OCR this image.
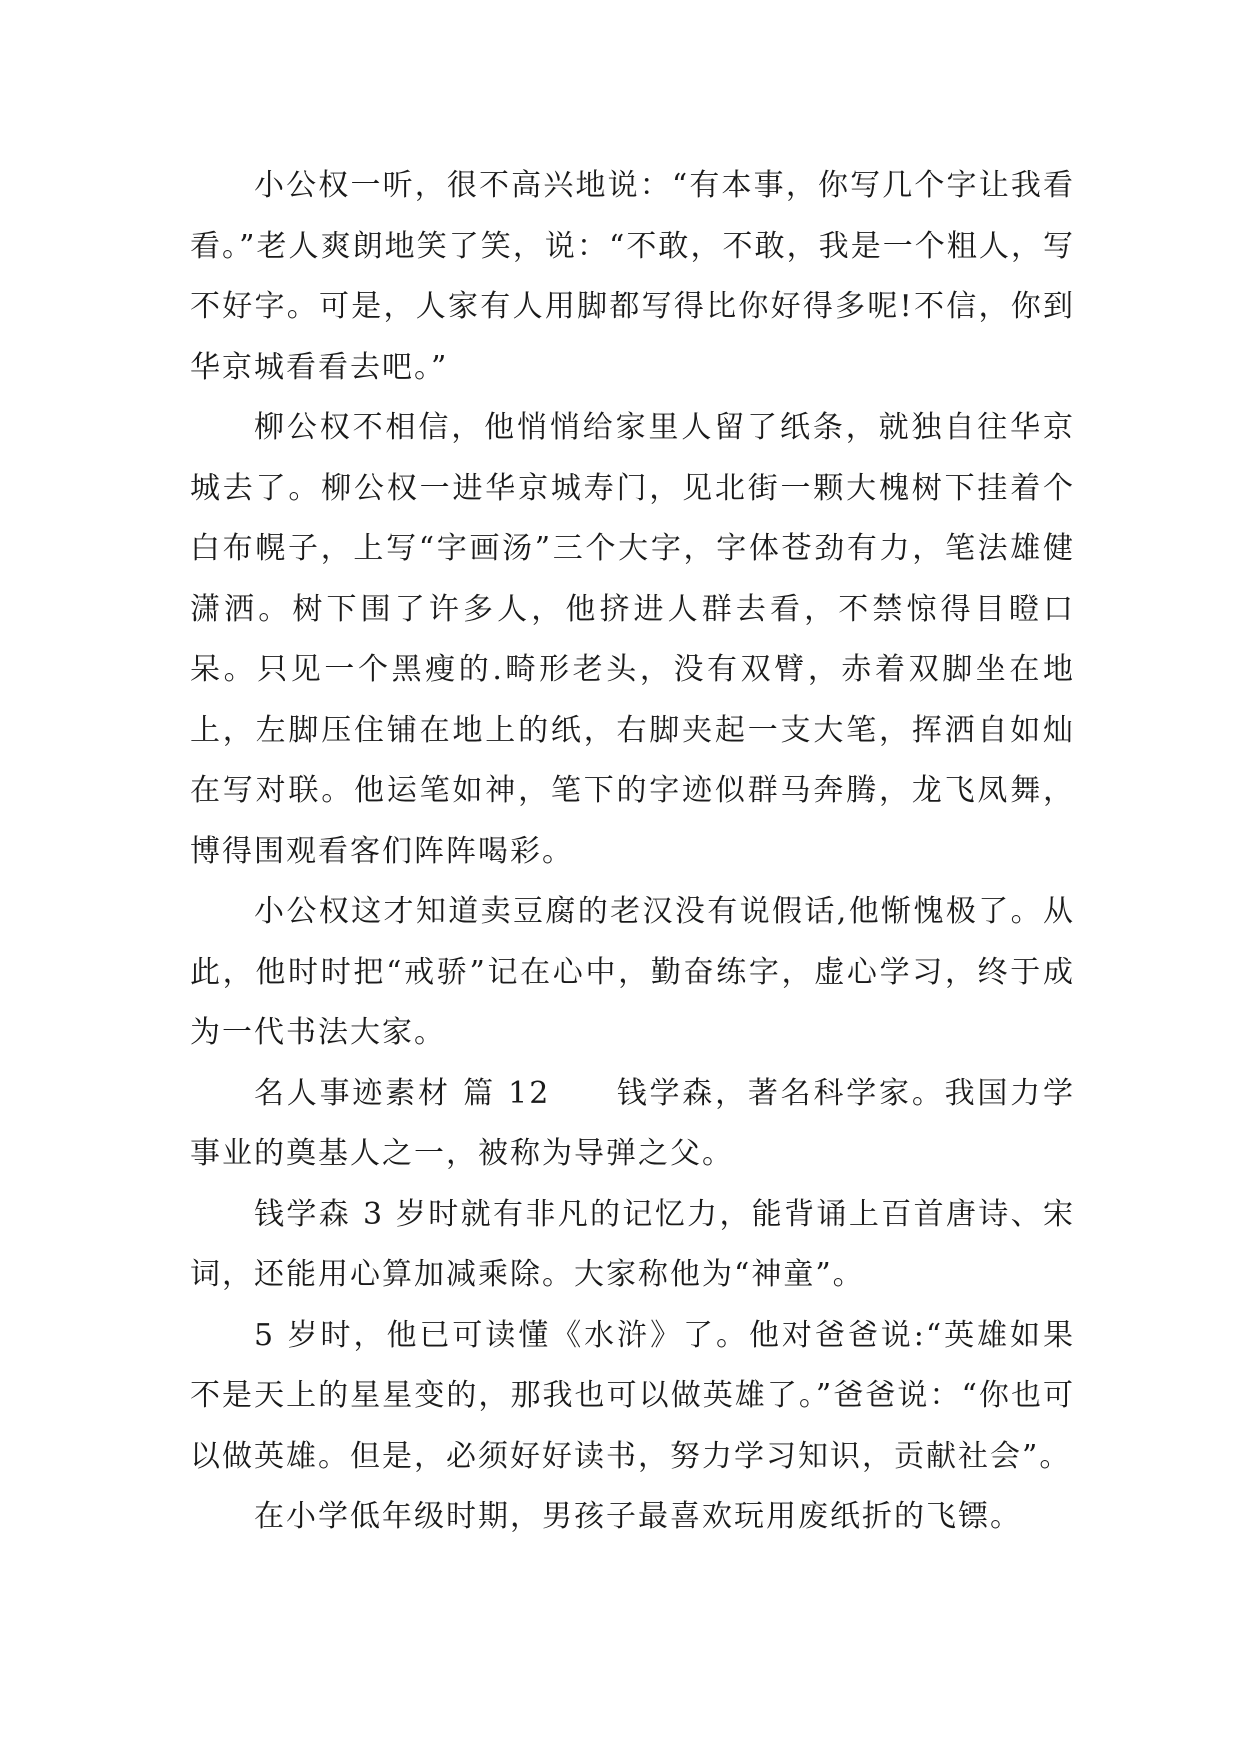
小公权一听，很不高兴地说：“有本事，你写几个字让我看看。”老人爽朗地笑了笑，说：“不敢，不敢，我是一个粗人，写不好字。可是，人家有人用脚都写得比你好得多呢!不信，你到华京城看看去吧。”

柳公权不相信，他悄悄给家里人留了纸条，就独自往华京城去了。柳公权一进华京城寿门，见北街一颗大槐树下挂着个白布幌子，上写“字画汤”三个大字，字体苍劲有力，笔法雄健潇洒。树下围了许多人，他挤进人群去看，不禁惊得目瞪口呆。只见一个黑瘦的.畸形老头，没有双臂，赤着双脚坐在地上，左脚压住铺在地上的纸，右脚夹起一支大笔，挥洒自如灿在写对联。他运笔如神，笔下的字迹似群马奔腾，龙飞凤舞，博得围观看客们阵阵喝彩。

小公权这才知道卖豆腐的老汉没有说假话,他惭愧极了。从此，他时时把“戒骄”记在心中，勤奋练字，虚心学习，终于成为一代书法大家。

名人事迹素材 篇 12　　钱学森，著名科学家。我国力学事业的奠基人之一，被称为导弹之父。

钱学森 3 岁时就有非凡的记忆力，能背诵上百首唐诗、宋词，还能用心算加减乘除。大家称他为“神童”。

5 岁时，他已可读懂《水浒》了。他对爸爸说:“英雄如果不是天上的星星变的，那我也可以做英雄了。”爸爸说：“你也可以做英雄。但是，必须好好读书，努力学习知识，贡献社会”。

在小学低年级时期，男孩子最喜欢玩用废纸折的飞镖。
